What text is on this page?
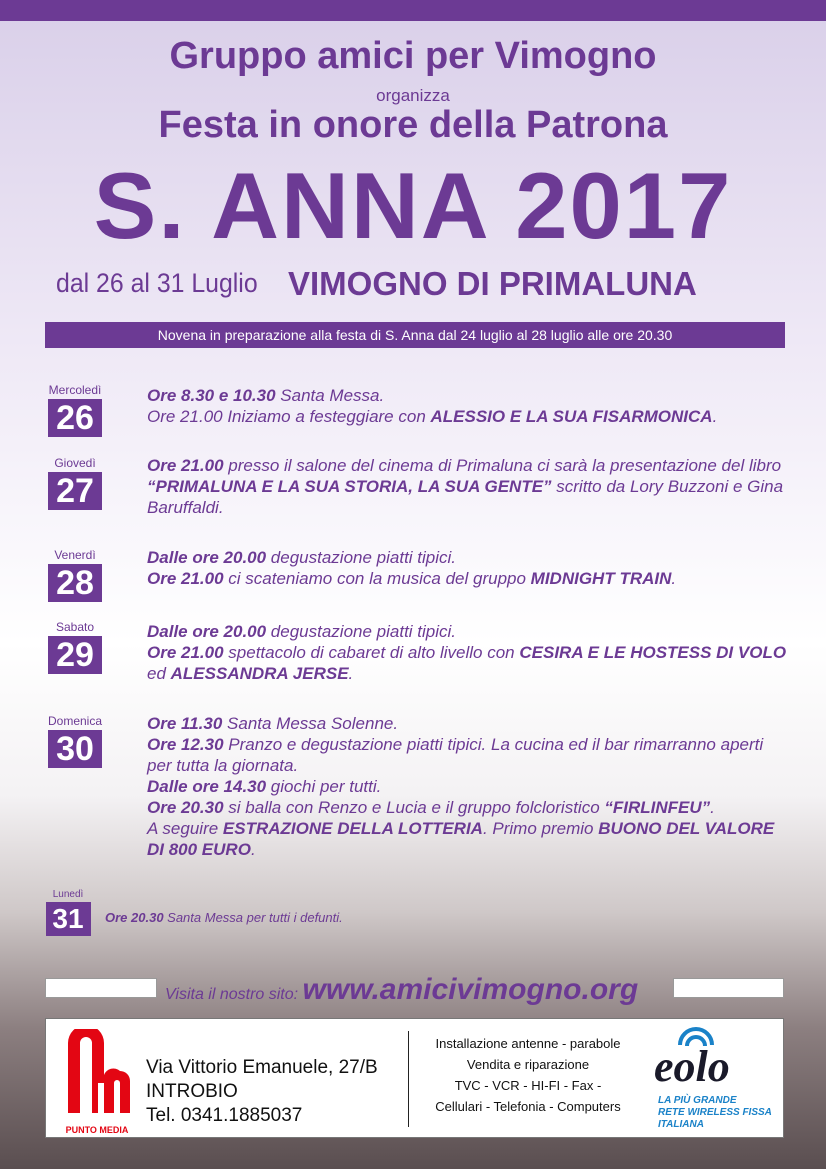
Gruppo amici per Vimogno
organizza
Festa in onore della Patrona
S. ANNA 2017
dal 26 al 31 Luglio VIMOGNO DI PRIMALUNA
Novena in preparazione alla festa di S. Anna dal 24 luglio al 28 luglio alle ore 20.30
Mercoledì
26
Ore 8.30 e 10.30 Santa Messa.
Ore 21.00 Iniziamo a festeggiare con ALESSIO E LA SUA FISARMONICA.
Giovedì
27
Ore 21.00 presso il salone del cinema di Primaluna ci sarà la presentazione del libro “PRIMALUNA E LA SUA STORIA, LA SUA GENTE” scritto da Lory Buzzoni e Gina Baruffaldi.
Venerdì
28
Dalle ore 20.00 degustazione piatti tipici.
Ore 21.00 ci scateniamo con la musica del gruppo MIDNIGHT TRAIN.
Sabato
29
Dalle ore 20.00 degustazione piatti tipici.
Ore 21.00 spettacolo di cabaret di alto livello con CESIRA E LE HOSTESS DI VOLO ed ALESSANDRA JERSE.
Domenica
30
Ore 11.30 Santa Messa Solenne.
Ore 12.30 Pranzo e degustazione piatti tipici. La cucina ed il bar rimarranno aperti per tutta la giornata.
Dalle ore 14.30 giochi per tutti.
Ore 20.30 si balla con Renzo e Lucia e il gruppo folcloristico “FIRLINFEU”.
A seguire ESTRAZIONE DELLA LOTTERIA. Primo premio BUONO DEL VALORE DI 800 EURO.
Lunedì
31	Ore 20.30 Santa Messa per tutti i defunti.
Visita il nostro sito: www.amicivimogno.org
PUNTO MEDIA
Via Vittorio Emanuele, 27/B
INTROBIO
Tel. 0341.1885037
Installazione antenne - parabole
Vendita e riparazione
TVC - VCR - HI-FI - Fax -
Cellulari - Telefonia - Computers
eolo
LA PIÙ GRANDE
RETE WIRELESS FISSA
ITALIANA
